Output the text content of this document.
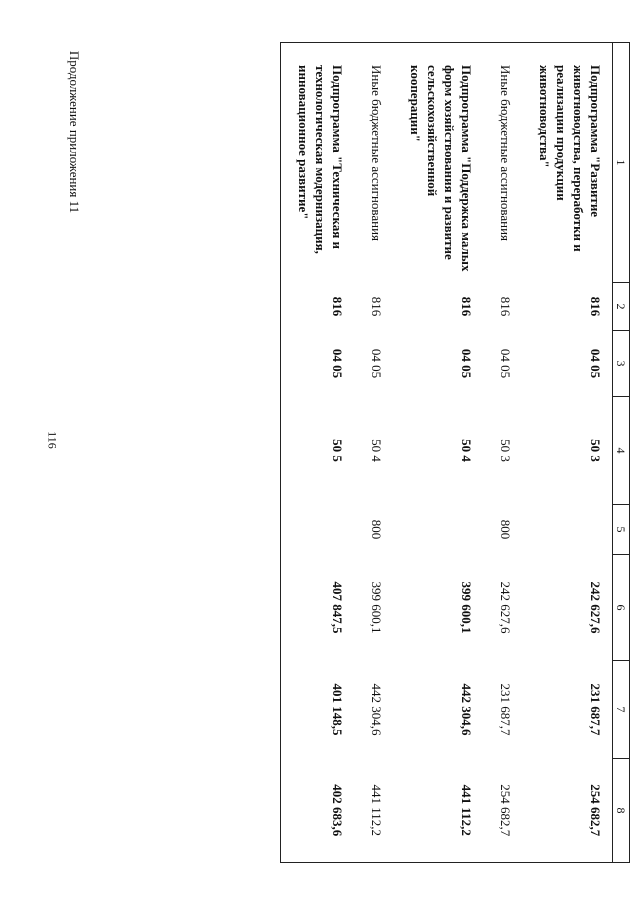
116
Продолжение приложения 11	1	2	3	4	5	6	7	8
Подпрограмма "Развитие животноводства, переработки и реализации продукции животноводства"	816	04 05	50 3		242 627,6	231 687,7	254 682,7
Иные бюджетные ассигнования	816	04 05	50 3	800	242 627,6	231 687,7	254 682,7
Подпрограмма "Поддержка малых форм хозяйствования и развитие сельскохозяйственной кооперации"	816	04 05	50 4		399 600,1	442 304,6	441 112,2
Иные бюджетные ассигнования	816	04 05	50 4	800	399 600,1	442 304,6	441 112,2
Подпрограмма "Техническая и технологическая модернизация, инновационное развитие"	816	04 05	50 5		407 847,5	401 148,5	402 683,6
